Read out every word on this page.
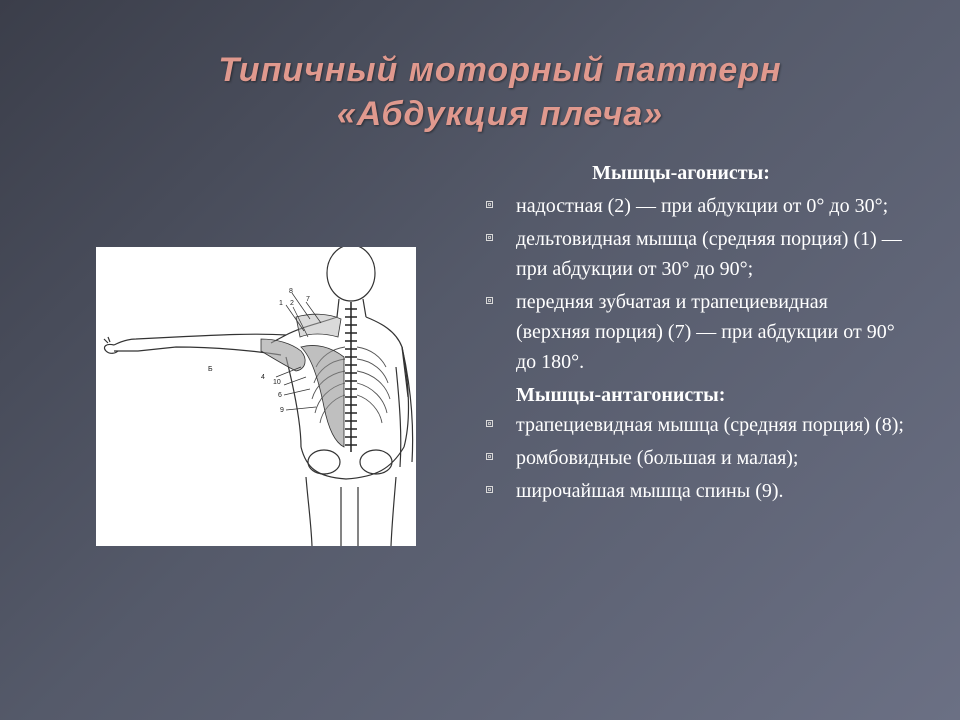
Типичный моторный паттерн
«Абдукция плеча»
8
1 2
7
Б
4
10
6
9
Мышцы-агонисты:
надостная (2) — при абдукции от 0° до 30°;
дельтовидная мышца (средняя порция) (1) — при абдукции от 30° до 90°;
передняя зубчатая и трапециевидная (верхняя порция) (7) — при абдукции от 90° до 180°.
Мышцы-антагонисты:
трапециевидная мышца (средняя порция) (8);
ромбовидные (большая и малая);
широчайшая мышца спины (9).
